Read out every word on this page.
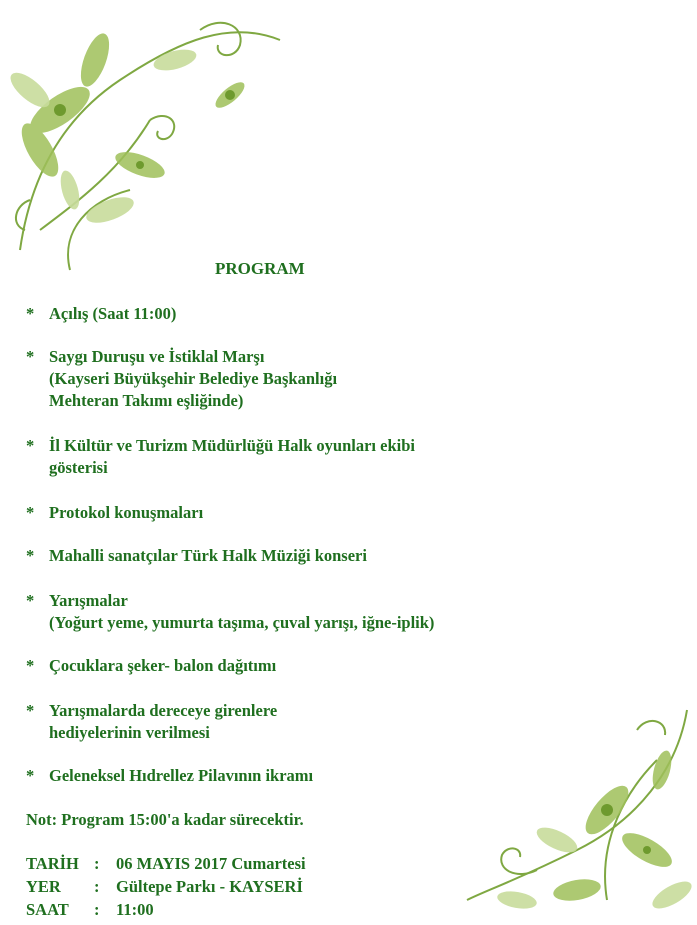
PROGRAM
* Açılış (Saat 11:00)
* Saygı Duruşu ve İstiklal Marşı
(Kayseri Büyükşehir Belediye Başkanlığı
Mehteran Takımı eşliğinde)
* İl Kültür ve Turizm Müdürlüğü Halk oyunları ekibi
gösterisi
* Protokol konuşmaları
* Mahalli sanatçılar Türk Halk Müziği konseri
* Yarışmalar
(Yoğurt yeme, yumurta taşıma, çuval yarışı, iğne-iplik)
* Çocuklara şeker- balon dağıtımı
* Yarışmalarda dereceye girenlere
hediyelerinin verilmesi
* Geleneksel Hıdrellez Pilavının ikramı
Not: Program 15:00'a kadar sürecektir.
TARİH : 06 MAYIS 2017 Cumartesi
YER : Gültepe Parkı - KAYSERİ
SAAT : 11:00
